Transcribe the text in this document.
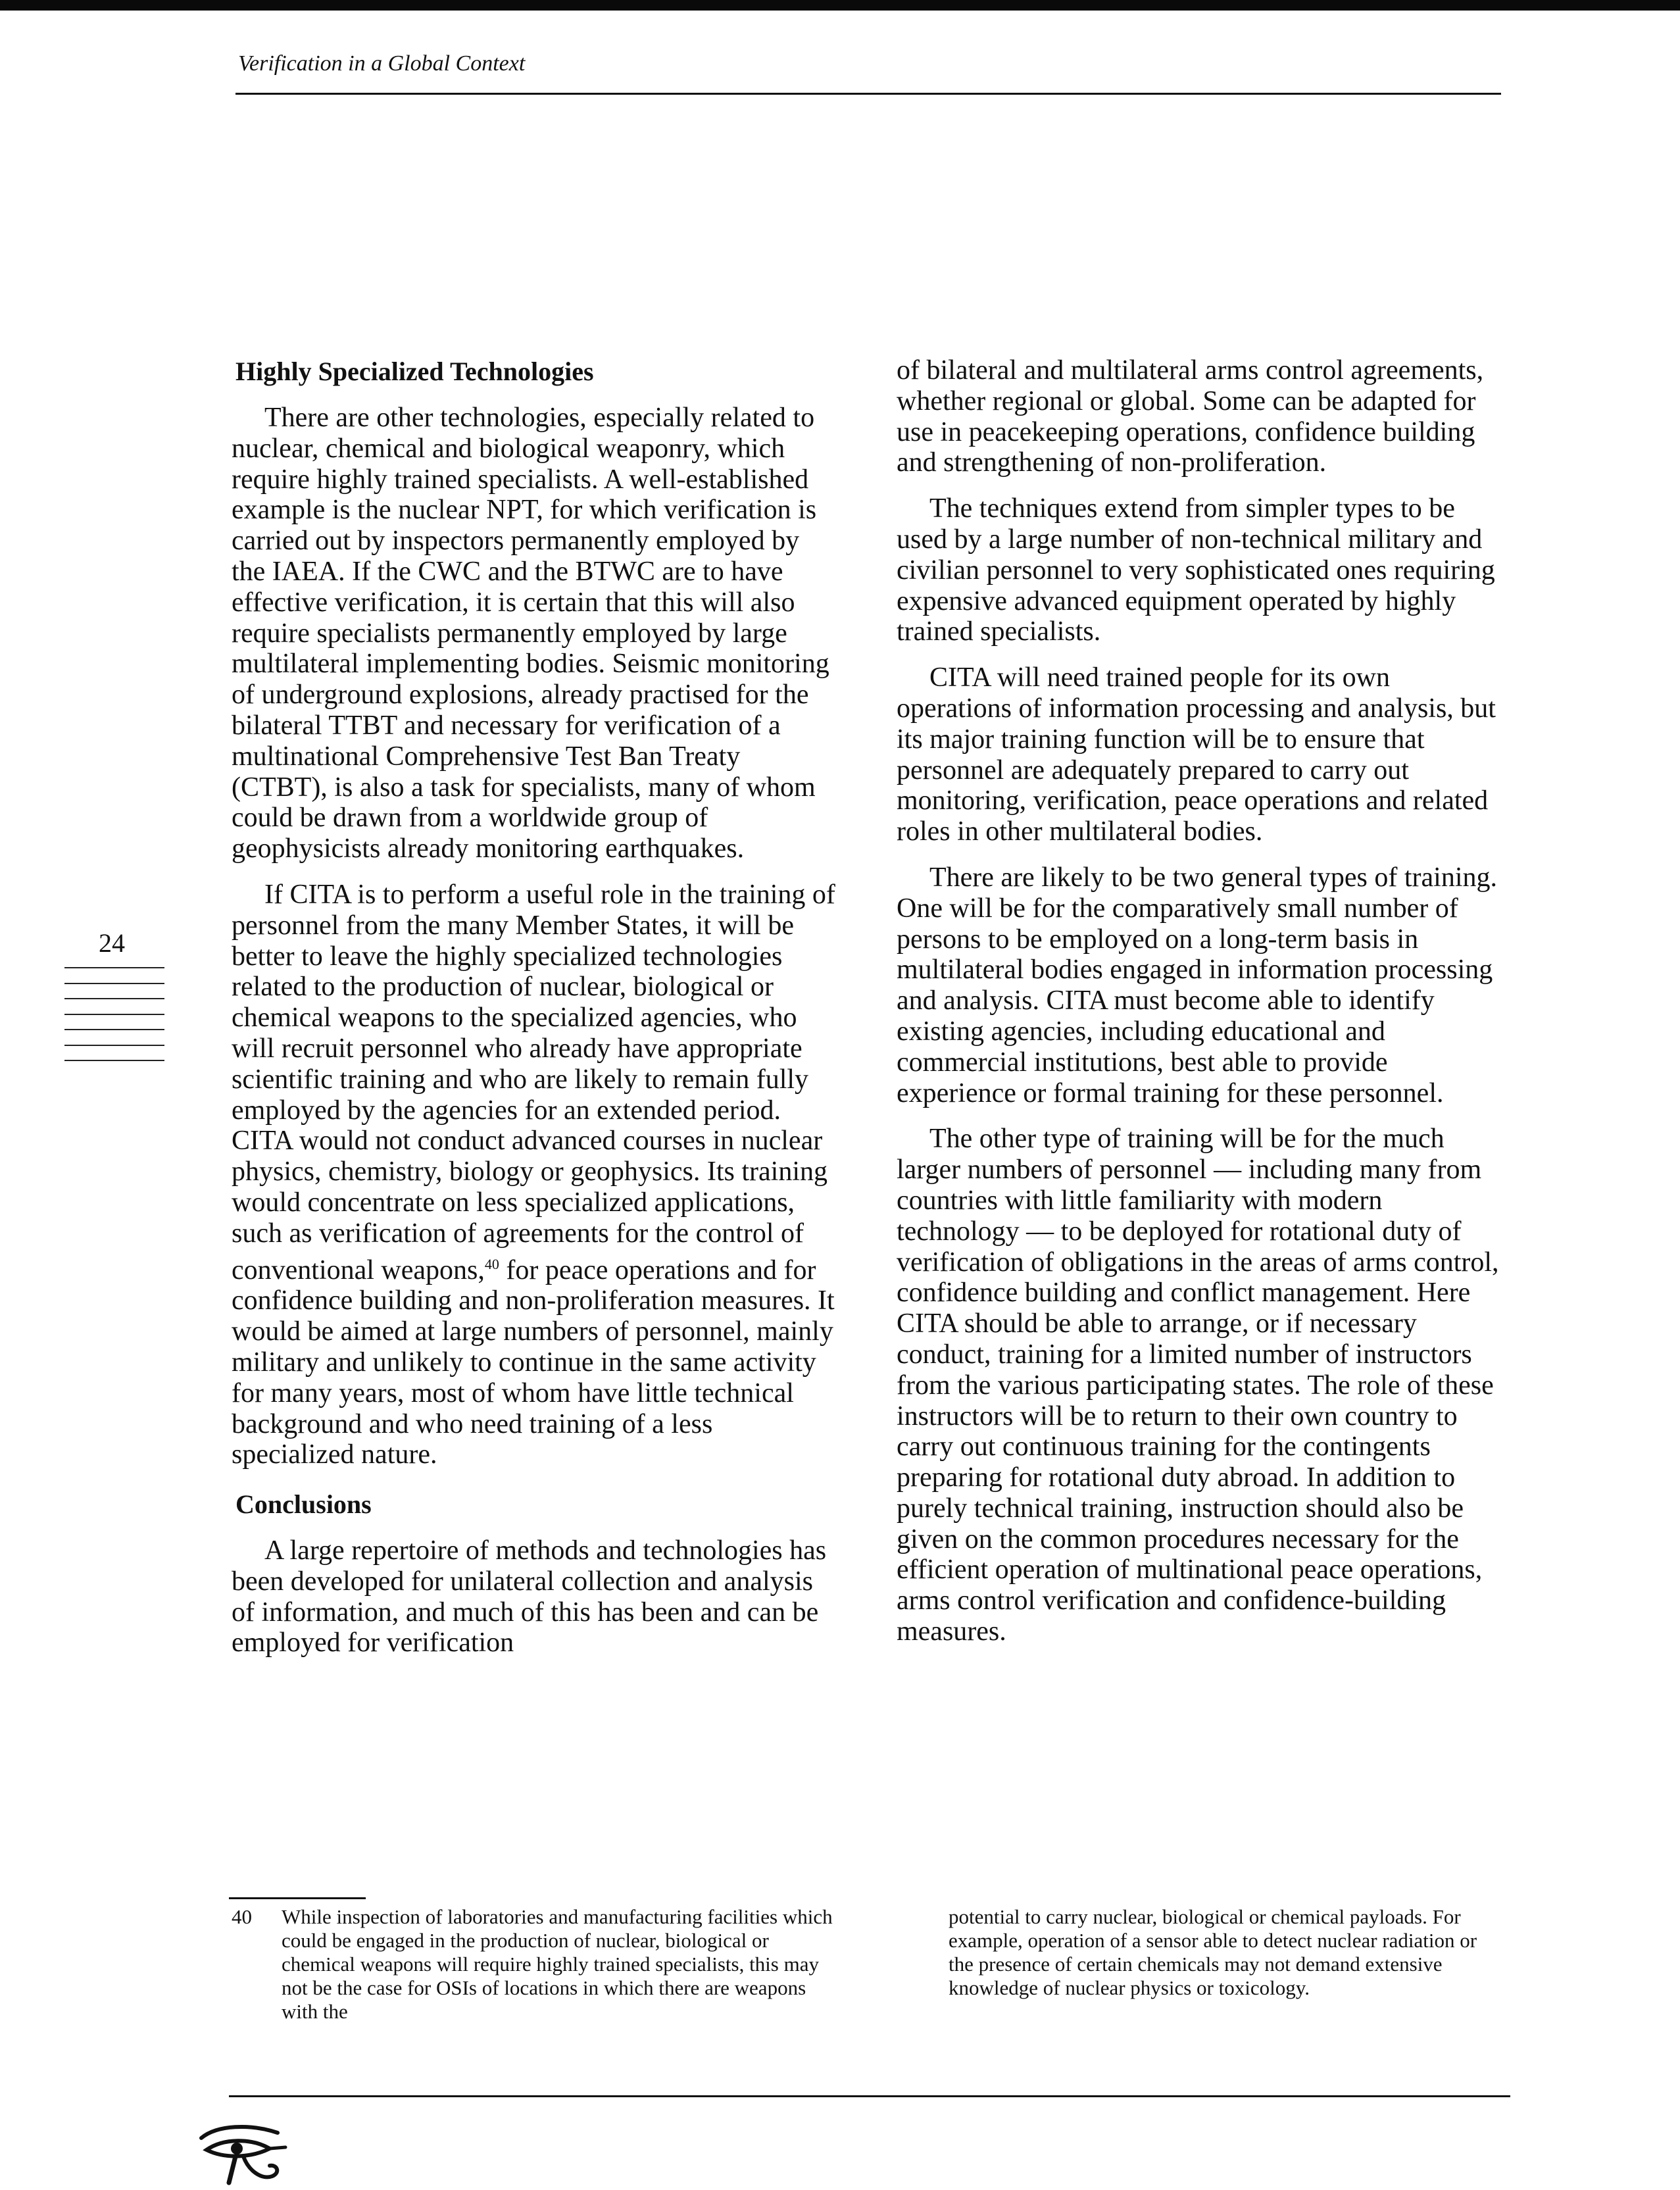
Verification in a Global Context
Highly Specialized Technologies

There are other technologies, especially related to nuclear, chemical and biological weaponry, which require highly trained specialists. A well-established example is the nuclear NPT, for which verification is carried out by inspectors permanently employed by the IAEA. If the CWC and the BTWC are to have effective verification, it is certain that this will also require specialists permanently employed by large multilateral implementing bodies. Seismic monitoring of underground explosions, already practised for the bilateral TTBT and necessary for verification of a multinational Comprehensive Test Ban Treaty (CTBT), is also a task for specialists, many of whom could be drawn from a worldwide group of geophysicists already monitoring earthquakes.

If CITA is to perform a useful role in the training of personnel from the many Member States, it will be better to leave the highly specialized technologies related to the production of nuclear, biological or chemical weapons to the specialized agencies, who will recruit personnel who already have appropriate scientific training and who are likely to remain fully employed by the agencies for an extended period. CITA would not conduct advanced courses in nuclear physics, chemistry, biology or geophysics. Its training would concentrate on less specialized applications, such as verification of agreements for the control of conventional weapons,$^{40}$ for peace operations and for confidence building and non-proliferation measures. It would be aimed at large numbers of personnel, mainly military and unlikely to continue in the same activity for many years, most of whom have little technical background and who need training of a less specialized nature.

Conclusions

A large repertoire of methods and technologies has been developed for unilateral collection and analysis of information, and much of this has been and can be employed for verification

of bilateral and multilateral arms control agreements, whether regional or global. Some can be adapted for use in peacekeeping operations, confidence building and strengthening of non-proliferation.

The techniques extend from simpler types to be used by a large number of non-technical military and civilian personnel to very sophisticated ones requiring expensive advanced equipment operated by highly trained specialists.

CITA will need trained people for its own operations of information processing and analysis, but its major training function will be to ensure that personnel are adequately prepared to carry out monitoring, verification, peace operations and related roles in other multilateral bodies.

There are likely to be two general types of training. One will be for the comparatively small number of persons to be employed on a long-term basis in multilateral bodies engaged in information processing and analysis. CITA must become able to identify existing agencies, including educational and commercial institutions, best able to provide experience or formal training for these personnel.

The other type of training will be for the much larger numbers of personnel — including many from countries with little familiarity with modern technology — to be deployed for rotational duty of verification of obligations in the areas of arms control, confidence building and conflict management. Here CITA should be able to arrange, or if necessary conduct, training for a limited number of instructors from the various participating states. The role of these instructors will be to return to their own country to carry out continuous training for the contingents preparing for rotational duty abroad. In addition to purely technical training, instruction should also be given on the common procedures necessary for the efficient operation of multinational peace operations, arms control verification and confidence-building measures.

24
40 While inspection of laboratories and manufacturing facilities which could be engaged in the production of nuclear, biological or chemical weapons will require highly trained specialists, this may not be the case for OSIs of locations in which there are weapons with the
potential to carry nuclear, biological or chemical payloads. For example, operation of a sensor able to detect nuclear radiation or the presence of certain chemicals may not demand extensive knowledge of nuclear physics or toxicology.
